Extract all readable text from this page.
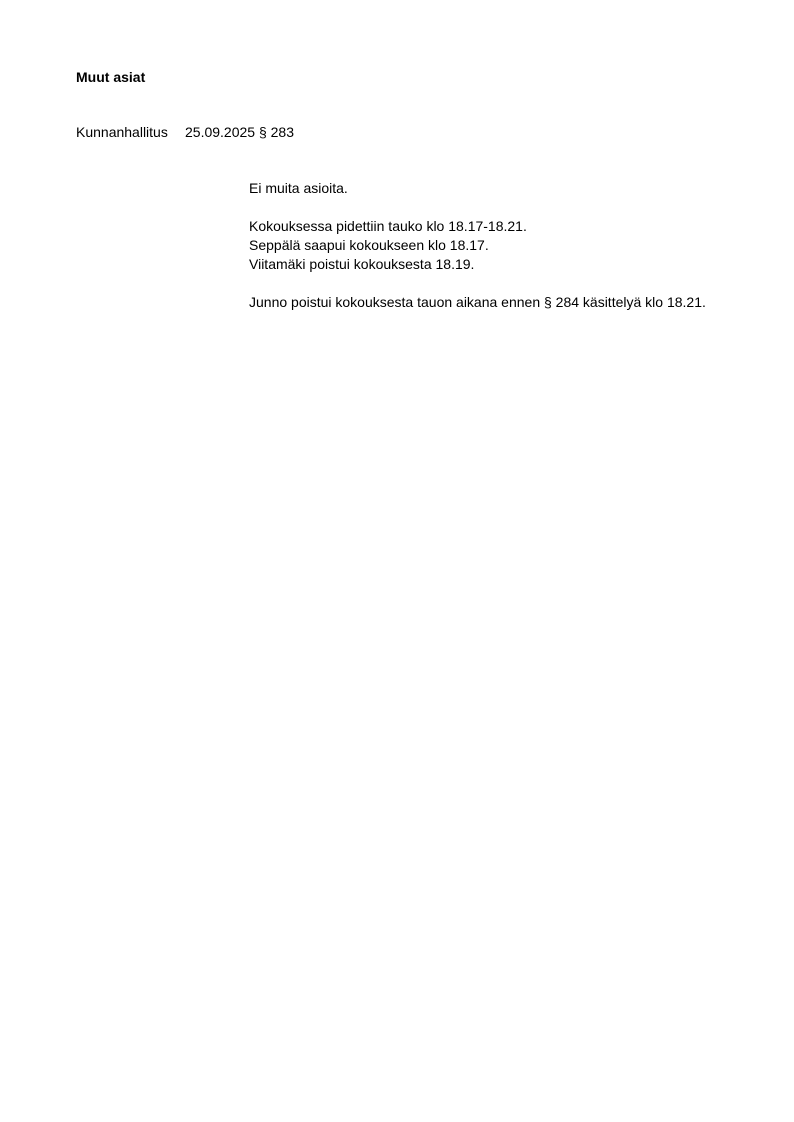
Muut asiat
Kunnanhallitus 25.09.2025 § 283

Ei muita asioita.

Kokouksessa pidettiin tauko klo 18.17-18.21.

Seppälä saapui kokoukseen klo 18.17.

Viitamäki poistui kokouksesta 18.19.

Junno poistui kokouksesta tauon aikana ennen § 284 käsittelyä klo 18.21.
